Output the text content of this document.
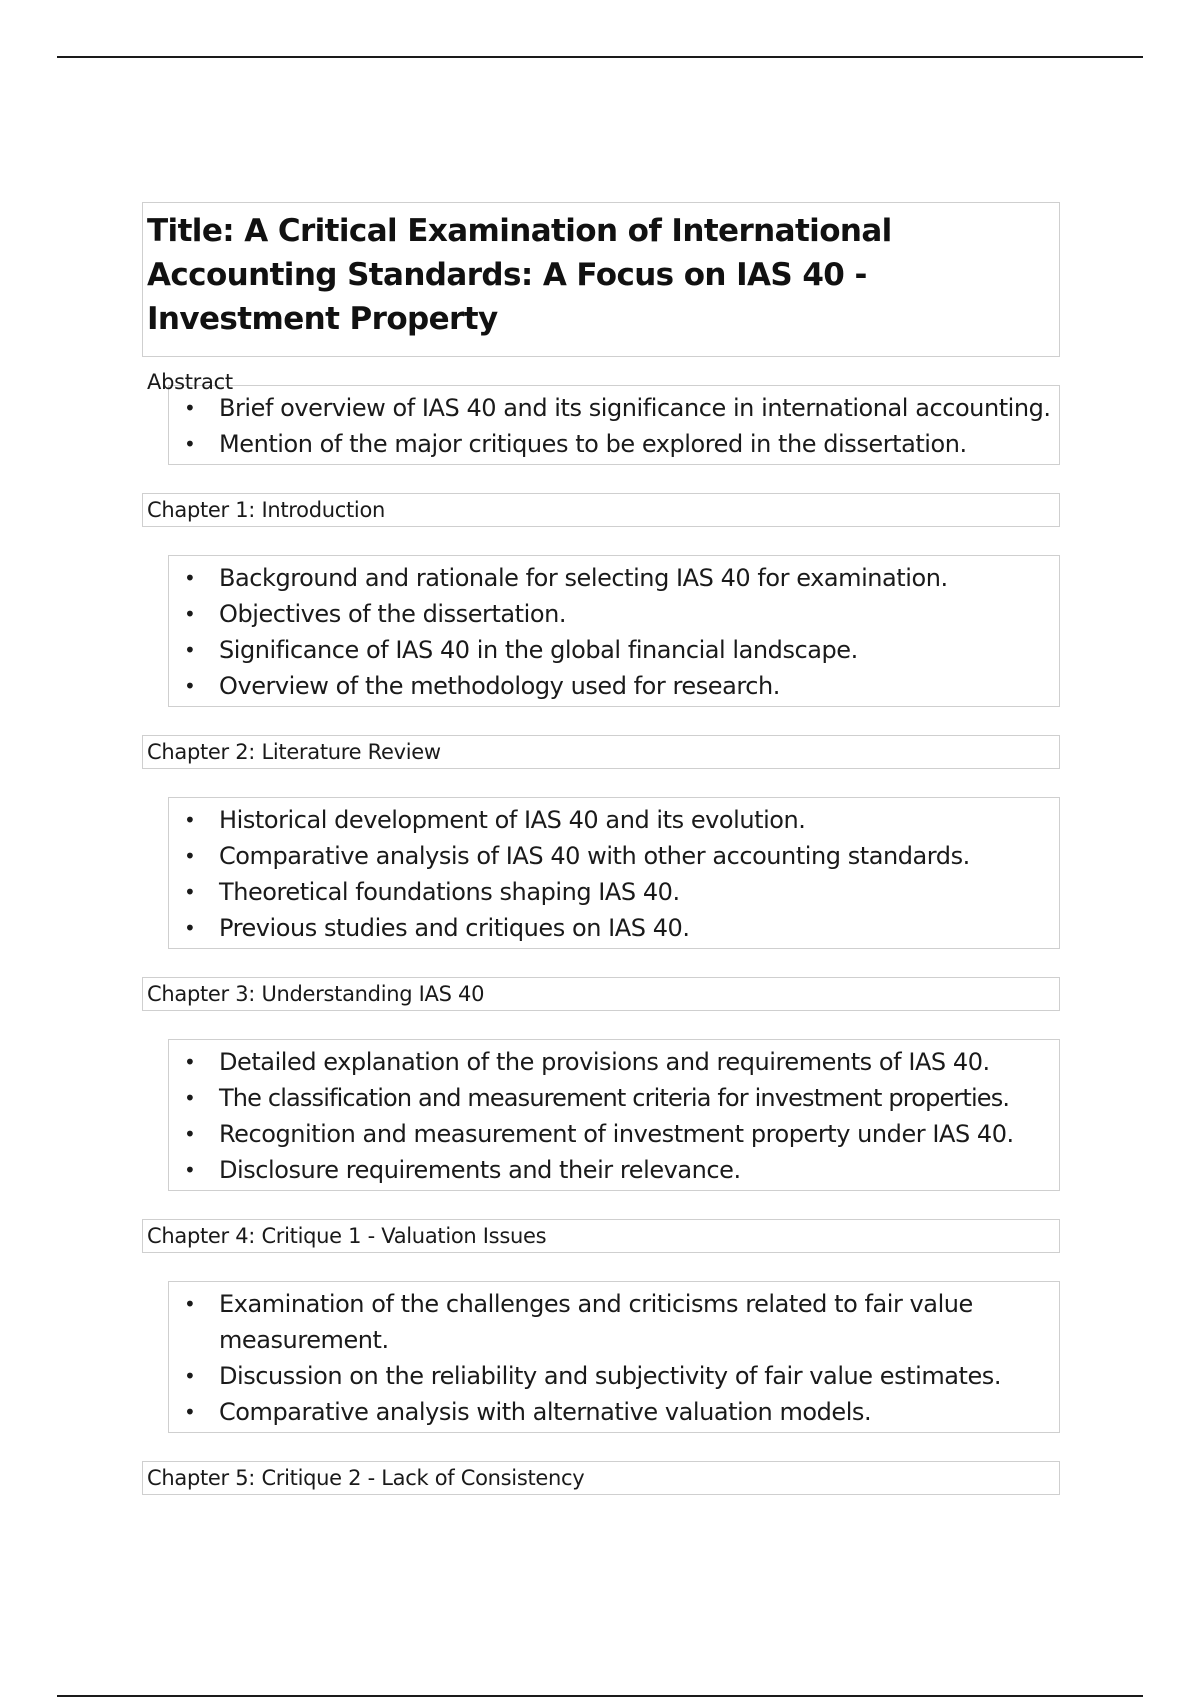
Title: A Critical Examination of International Accounting Standards: A Focus on IAS 40 - Investment Property
Abstract
• Brief overview of IAS 40 and its significance in international accounting.
• Mention of the major critiques to be explored in the dissertation.
Chapter 1: Introduction
• Background and rationale for selecting IAS 40 for examination.
• Objectives of the dissertation.
• Significance of IAS 40 in the global financial landscape.
• Overview of the methodology used for research.
Chapter 2: Literature Review
• Historical development of IAS 40 and its evolution.
• Comparative analysis of IAS 40 with other accounting standards.
• Theoretical foundations shaping IAS 40.
• Previous studies and critiques on IAS 40.
Chapter 3: Understanding IAS 40
• Detailed explanation of the provisions and requirements of IAS 40.
• The classification and measurement criteria for investment properties.
• Recognition and measurement of investment property under IAS 40.
• Disclosure requirements and their relevance.
Chapter 4: Critique 1 - Valuation Issues
• Examination of the challenges and criticisms related to fair value measurement.
• Discussion on the reliability and subjectivity of fair value estimates.
• Comparative analysis with alternative valuation models.
Chapter 5: Critique 2 - Lack of Consistency
